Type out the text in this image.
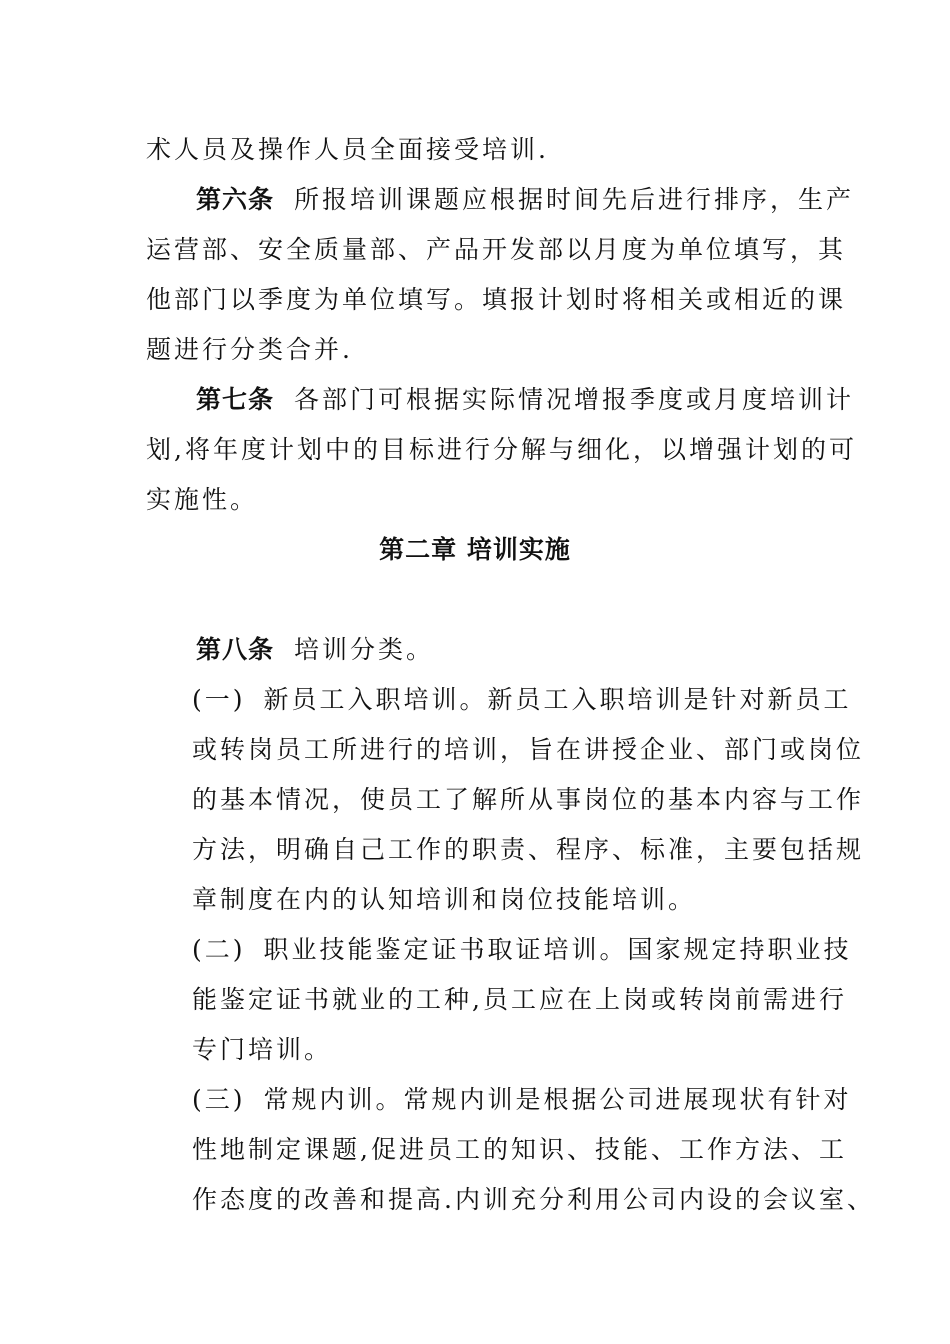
术人员及操作人员全面接受培训.
第六条 所报培训课题应根据时间先后进行排序，生产
运营部、安全质量部、产品开发部以月度为单位填写，其
他部门以季度为单位填写。填报计划时将相关或相近的课
题进行分类合并.
第七条 各部门可根据实际情况增报季度或月度培训计
划,将年度计划中的目标进行分解与细化，以增强计划的可
实施性。
第二章 培训实施
第八条 培训分类。
(一) 新员工入职培训。新员工入职培训是针对新员工
或转岗员工所进行的培训，旨在讲授企业、部门或岗位
的基本情况，使员工了解所从事岗位的基本内容与工作
方法，明确自己工作的职责、程序、标准，主要包括规
章制度在内的认知培训和岗位技能培训。
(二) 职业技能鉴定证书取证培训。国家规定持职业技
能鉴定证书就业的工种,员工应在上岗或转岗前需进行
专门培训。
(三) 常规内训。常规内训是根据公司进展现状有针对
性地制定课题,促进员工的知识、技能、工作方法、工
作态度的改善和提高.内训充分利用公司内设的会议室、
